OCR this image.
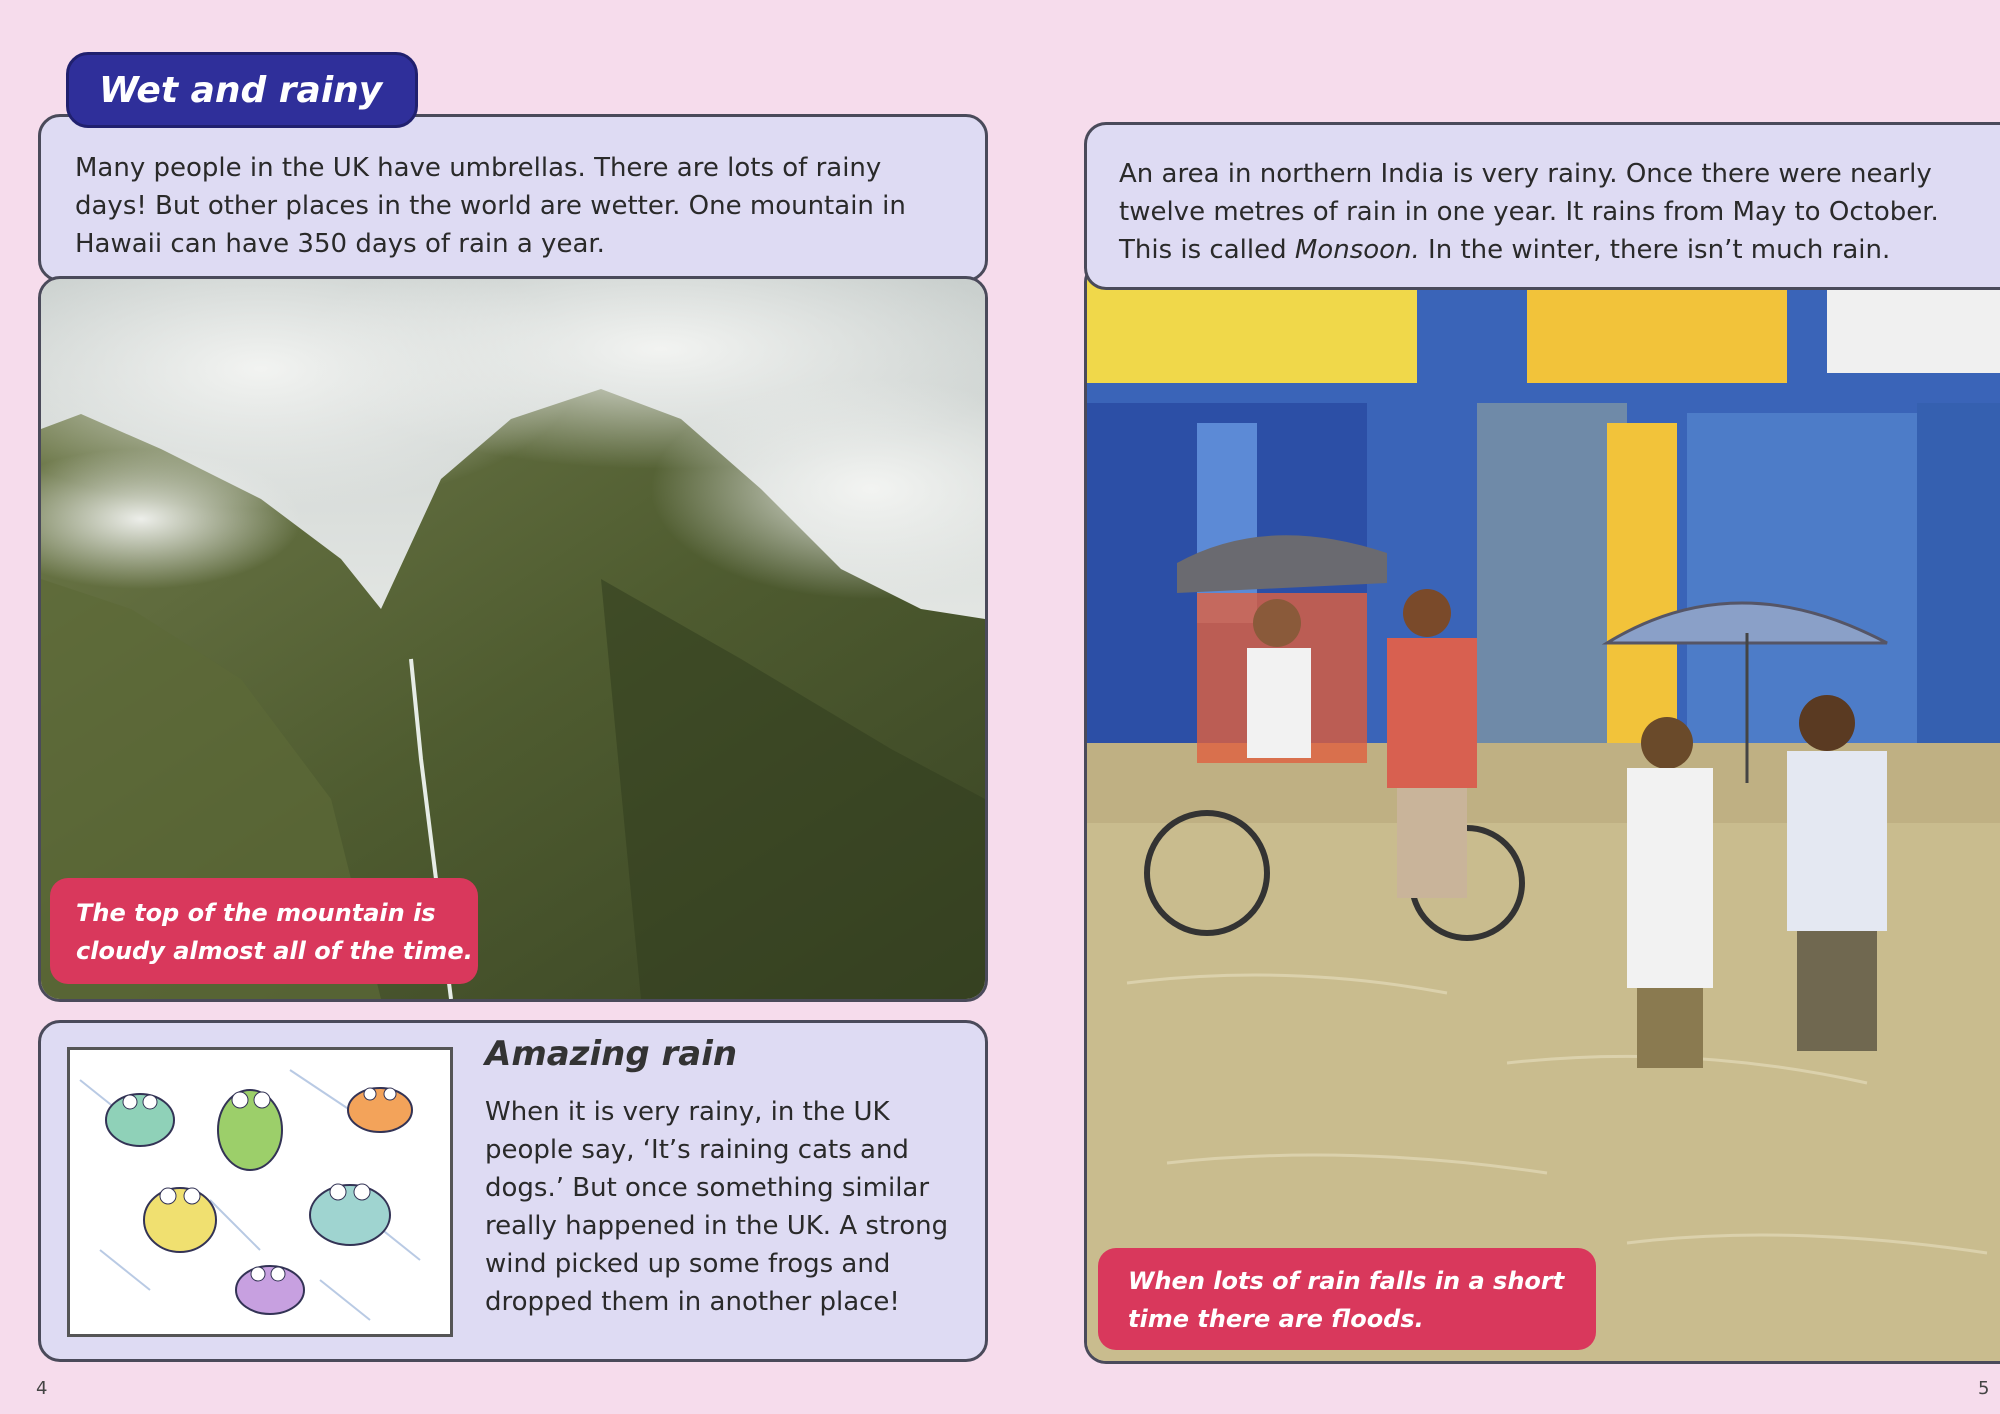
Many people in the UK have umbrellas. There are lots of rainy

days! But other places in the world are wetter. One mountain in

Hawaii can have 350 days of rain a year.

Wet and rainy
The top of the mountain is
cloudy almost all of the time.
Amazing rain
When it is very rainy, in the UK
people say, ‘It’s raining cats and
dogs.’ But once something similar
really happened in the UK. A strong
wind picked up some frogs and
dropped them in another place!
4

An area in northern India is very rainy. Once there were nearly

twelve metres of rain in one year. It rains from May to October.

This is called Monsoon. In the winter, there isn’t much rain.

When lots of rain falls in a short
time there are floods.
5
